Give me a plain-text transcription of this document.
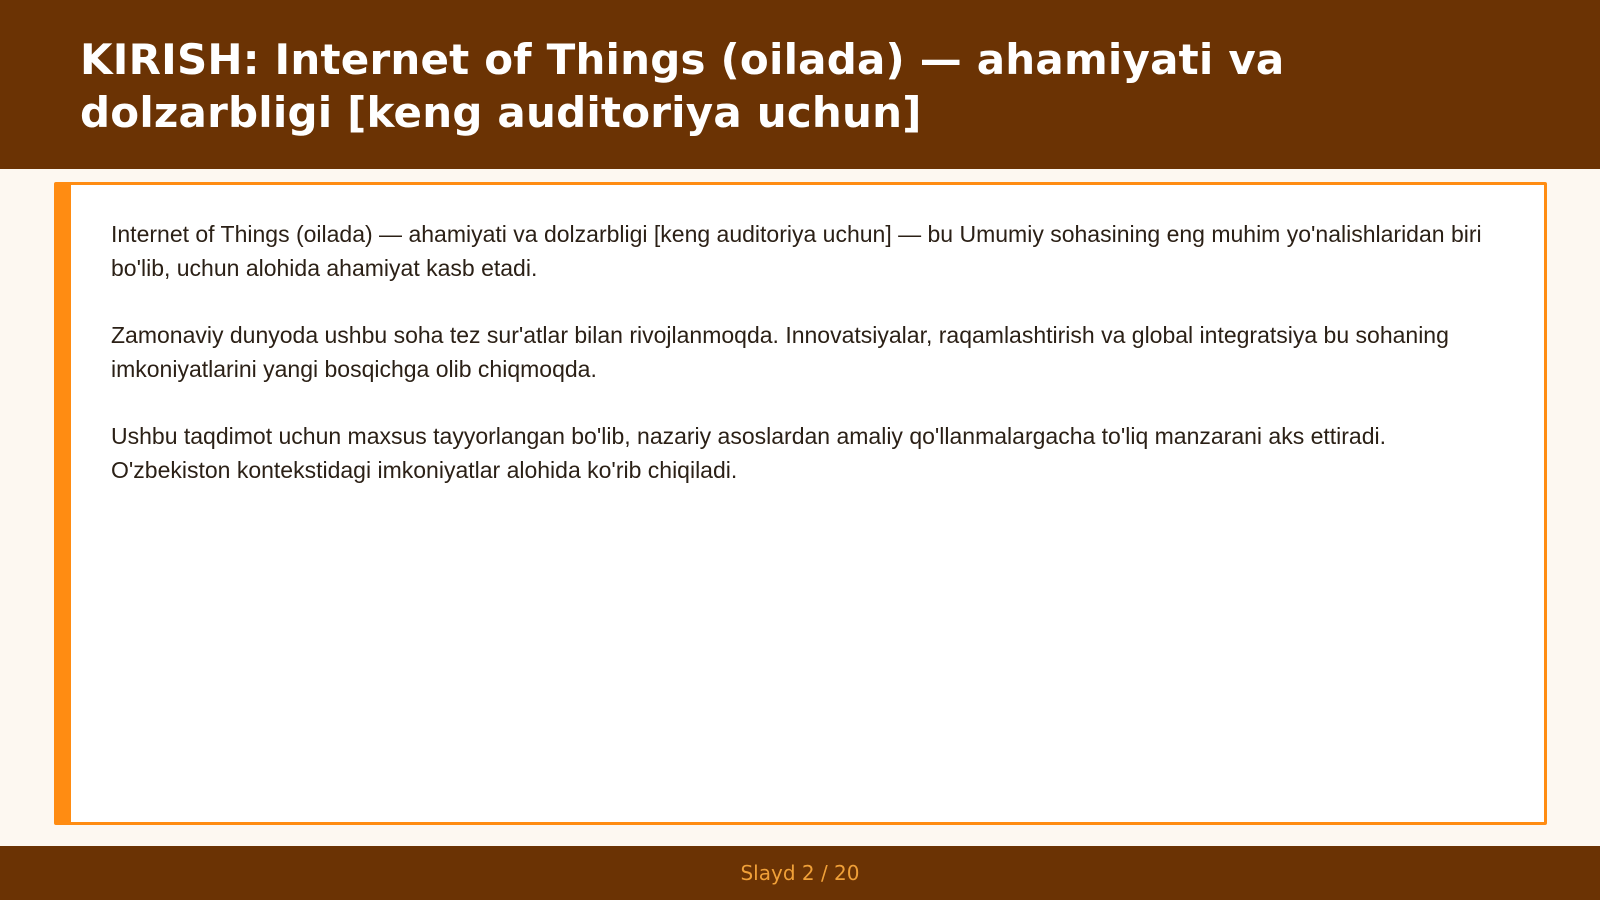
KIRISH: Internet of Things (oilada) — ahamiyati va dolzarbligi [keng auditoriya uchun]

Internet of Things (oilada) — ahamiyati va dolzarbligi [keng auditoriya uchun] — bu Umumiy sohasining eng muhim yo'nalishlaridan biri bo'lib, uchun alohida ahamiyat kasb etadi.

Zamonaviy dunyoda ushbu soha tez sur'atlar bilan rivojlanmoqda. Innovatsiyalar, raqamlashtirish va global integratsiya bu sohaning imkoniyatlarini yangi bosqichga olib chiqmoqda.

Ushbu taqdimot uchun maxsus tayyorlangan bo'lib, nazariy asoslardan amaliy qo'llanmalargacha to'liq manzarani aks ettiradi. O'zbekiston kontekstidagi imkoniyatlar alohida ko'rib chiqiladi.

Slayd 2 / 20
